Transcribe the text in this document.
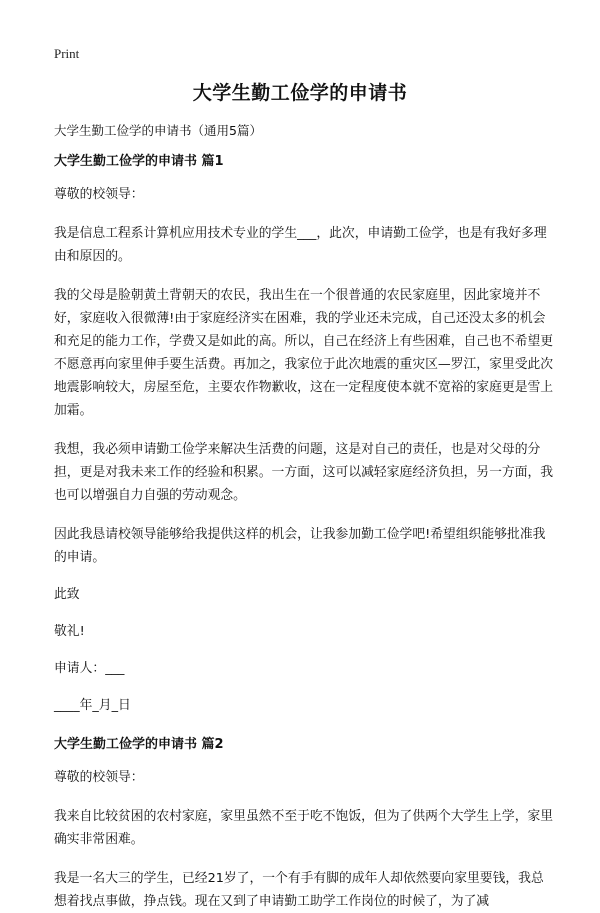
Print
大学生勤工俭学的申请书
大学生勤工俭学的申请书（通用5篇）
大学生勤工俭学的申请书 篇1

尊敬的校领导：

我是信息工程系计算机应用技术专业的学生___，此次，申请勤工俭学，也是有我好多理由和原因的。

我的父母是脸朝黄土背朝天的农民，我出生在一个很普通的农民家庭里，因此家境并不好，家庭收入很微薄!由于家庭经济实在困难，我的学业还未完成，自己还没太多的机会和充足的能力工作，学费又是如此的高。所以，自己在经济上有些困难，自己也不希望更不愿意再向家里伸手要生活费。再加之，我家位于此次地震的重灾区—罗江，家里受此次地震影响较大，房屋至危，主要农作物歉收，这在一定程度使本就不宽裕的家庭更是雪上加霜。

我想，我必须申请勤工俭学来解决生活费的问题，这是对自己的责任，也是对父母的分担，更是对我未来工作的经验和积累。一方面，这可以减轻家庭经济负担，另一方面，我也可以增强自力自强的劳动观念。

因此我恳请校领导能够给我提供这样的机会，让我参加勤工俭学吧!希望组织能够批准我的申请。

此致

敬礼!

申请人：___

____年_月_日

大学生勤工俭学的申请书 篇2

尊敬的校领导：

我来自比较贫困的农村家庭，家里虽然不至于吃不饱饭，但为了供两个大学生上学，家里确实非常困难。

我是一名大三的学生，已经21岁了，一个有手有脚的成年人却依然要向家里要钱，我总想着找点事做，挣点钱。现在又到了申请勤工助学工作岗位的时候了，为了减
